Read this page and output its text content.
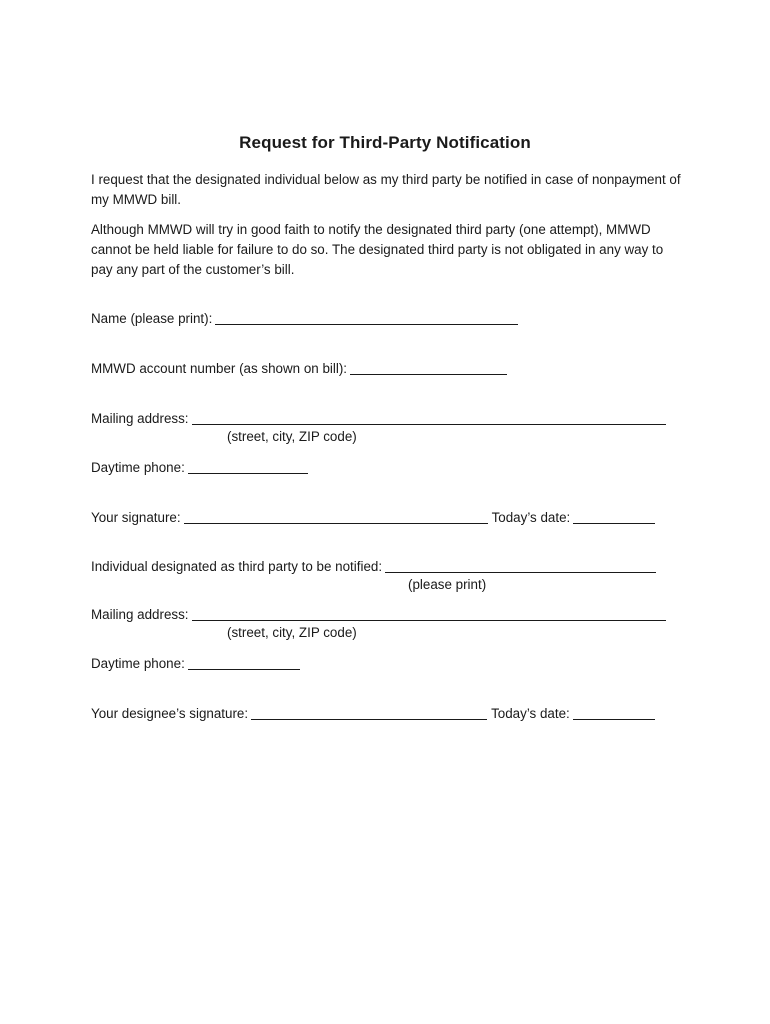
Request for Third-Party Notification
I request that the designated individual below as my third party be notified in case of nonpayment of my MMWD bill.
Although MMWD will try in good faith to notify the designated third party (one attempt), MMWD cannot be held liable for failure to do so. The designated third party is not obligated in any way to pay any part of the customer’s bill.
Name (please print):
MMWD account number (as shown on bill):
Mailing address:
(street, city, ZIP code)
Daytime phone:
Your signature:	Today’s date:
Individual designated as third party to be notified:
(please print)
Mailing address:
(street, city, ZIP code)
Daytime phone:
Your designee’s signature:	Today’s date:
